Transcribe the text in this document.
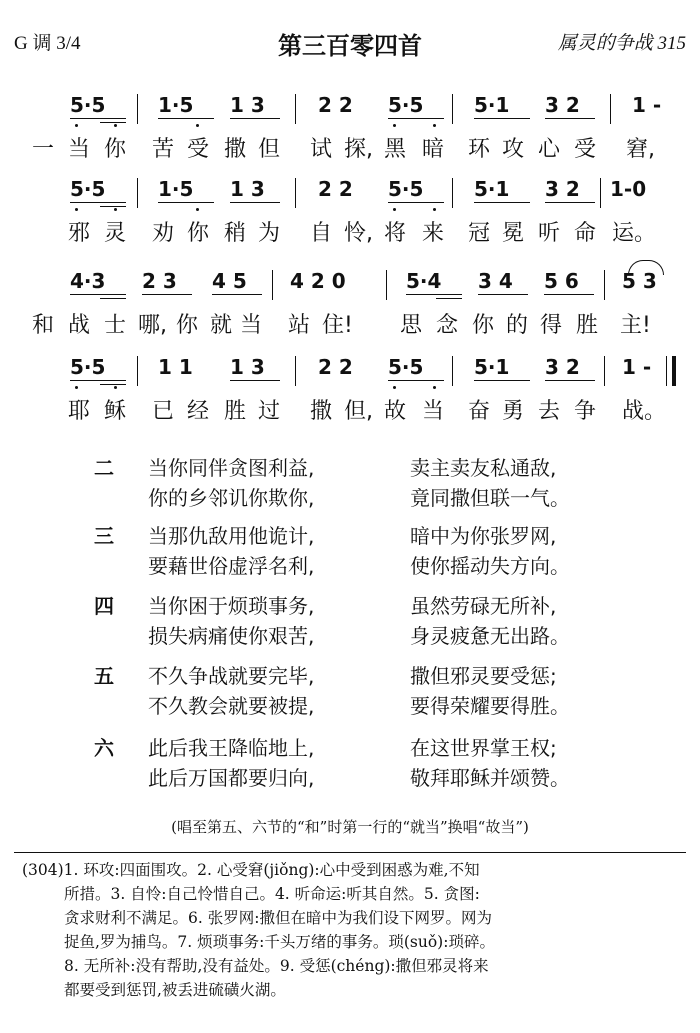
G 调 3/4	第三百零四首	属灵的争战 315
5·5	1·5 1 3	2 2 5·5	5·1 3 2	1 -
一 当 你 苦 受 撒 但 试 探, 黑 暗 环 攻 心 受 窘,
5·5	1·5 1 3	2 2 5·5	5·1 3 2 1-0
邪 灵 劝 你 稍 为 自 怜, 将 来 冠 冕 听 命 运。
4·3 2 3 4 5 4 2 0	5·4 3 4 5 6 5 3
和 战 士 哪, 你 就 当 站 住! 思 念 你 的 得 胜 主!
5·5	1 1 1 3	2 2 5·5	5·1 3 2 1 -
耶 稣 已 经 胜 过 撒 但, 故 当 奋 勇 去 争 战。
二 当你同伴贪图利益,	卖主卖友私通敌,
你的乡邻讥你欺你,	竟同撒但联一气。
三 当那仇敌用他诡计,	暗中为你张罗网,
要藉世俗虚浮名利,	使你摇动失方向。
四 当你困于烦琐事务,	虽然劳碌无所补,
损失病痛使你艰苦,	身灵疲惫无出路。
五 不久争战就要完毕,	撒但邪灵要受惩;
不久教会就要被提,	要得荣耀要得胜。
六 此后我王降临地上,	在这世界掌王权;
此后万国都要归向,	敬拜耶稣并颂赞。
(唱至第五、六节的“和”时第一行的“就当”换唱“故当”)

(304)1. 环攻:四面围攻。2. 心受窘(jiǒng):心中受到困惑为难,不知

所措。3. 自怜:自己怜惜自己。4. 听命运:听其自然。5. 贪图:

贪求财利不满足。6. 张罗网:撒但在暗中为我们设下网罗。网为

捉鱼,罗为捕鸟。7. 烦琐事务:千头万绪的事务。琐(suǒ):琐碎。

8. 无所补:没有帮助,没有益处。9. 受惩(chéng):撒但邪灵将来

都要受到惩罚,被丢进硫磺火湖。
